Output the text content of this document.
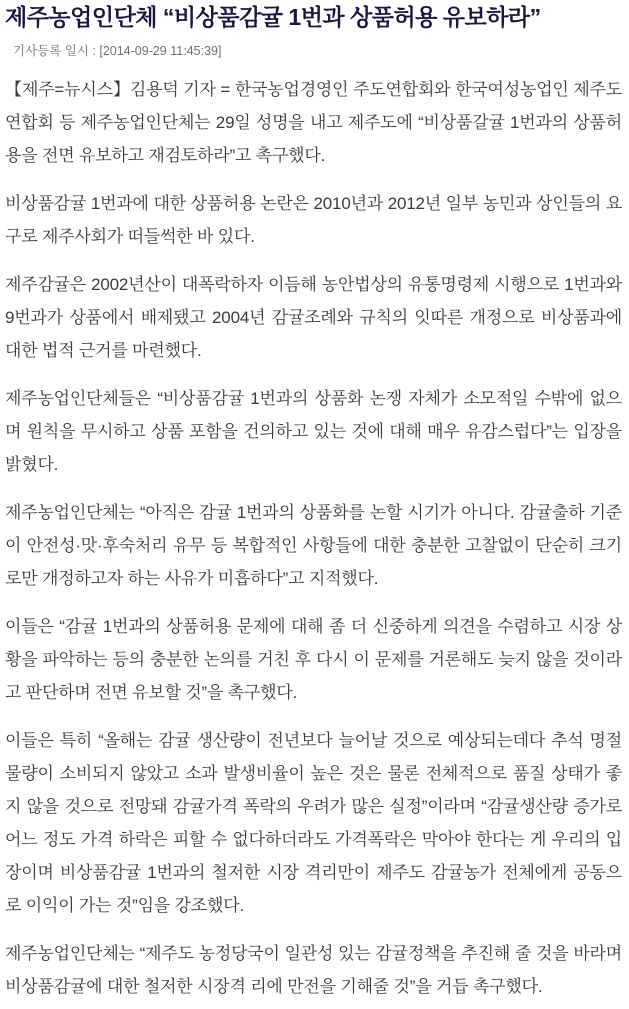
제주농업인단체 “비상품감귤 1번과 상품허용 유보하라”
기사등록 일시 : [2014-09-29 11:45:39]

【제주=뉴시스】김용덕 기자 = 한국농업경영인 주도연합회와 한국여성농업인 제주도연합회 등 제주농업인단체는 29일 성명을 내고 제주도에 “비상품갈귤 1번과의 상품허용을 전면 유보하고 재검토하라”고 촉구했다.

비상품감귤 1번과에 대한 상품허용 논란은 2010년과 2012년 일부 농민과 상인들의 요구로 제주사회가 떠들썩한 바 있다.

제주감귤은 2002년산이 대폭락하자 이듬해 농안법상의 유통명령제 시행으로 1번과와 9번과가 상품에서 배제됐고 2004년 감귤조례와 규칙의 잇따른 개정으로 비상품과에 대한 법적 근거를 마련했다.

제주농업인단체들은 “비상품감귤 1번과의 상품화 논쟁 자체가 소모적일 수밖에 없으며 원칙을 무시하고 상품 포함을 건의하고 있는 것에 대해 매우 유감스럽다”는 입장을 밝혔다.

제주농업인단체는 “아직은 감귤 1번과의 상품화를 논할 시기가 아니다. 감귤출하 기준이 안전성·맛·후숙처리 유무 등 복합적인 사항들에 대한 충분한 고찰없이 단순히 크기로만 개정하고자 하는 사유가 미흡하다”고 지적했다.

이들은 “감귤 1번과의 상품허용 문제에 대해 좀 더 신중하게 의견을 수렴하고 시장 상황을 파악하는 등의 충분한 논의를 거친 후 다시 이 문제를 거론해도 늦지 않을 것이라고 판단하며 전면 유보할 것”을 촉구했다.

이들은 특히 “올해는 감귤 생산량이 전년보다 늘어날 것으로 예상되는데다 추석 명절 물량이 소비되지 않았고 소과 발생비율이 높은 것은 물론 전체적으로 품질 상태가 좋지 않을 것으로 전망돼 감귤가격 폭락의 우려가 많은 실정”이라며 “감귤생산량 증가로 어느 정도 가격 하락은 피할 수 없다하더라도 가격폭락은 막아야 한다는 게 우리의 입장이며 비상품감귤 1번과의 철저한 시장 격리만이 제주도 감귤농가 전체에게 공동으로 이익이 가는 것”임을 강조했다.

제주농업인단체는 “제주도 농정당국이 일관성 있는 감귤정책을 추진해 줄 것을 바라며 비상품감귤에 대한 철저한 시장격 리에 만전을 기해줄 것”을 거듭 촉구했다.
